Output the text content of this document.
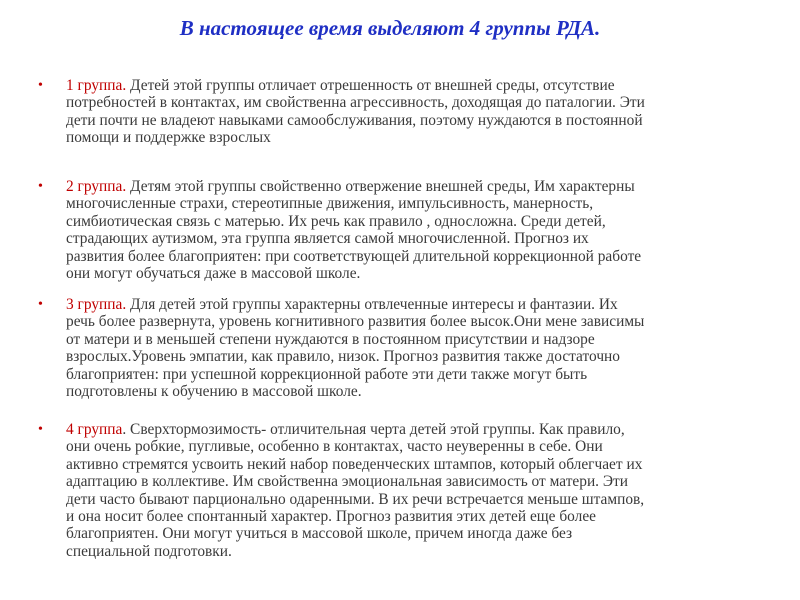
В настоящее время выделяют 4 группы РДА.
• 1 группа. Детей этой группы отличает отрешенность от внешней среды, отсутствие
потребностей в контактах, им свойственна агрессивность, доходящая до паталогии. Эти
дети почти не владеют навыками самообслуживания, поэтому нуждаются в постоянной
помощи и поддержке взрослых
• 2 группа. Детям этой группы свойственно отвержение внешней среды, Им характерны
многочисленные страхи, стереотипные движения, импульсивность, манерность,
симбиотическая связь с матерью. Их речь как правило , односложна. Среди детей,
страдающих аутизмом, эта группа является самой многочисленной. Прогноз их
развития более благоприятен: при соответствующей длительной коррекционной работе
они могут обучаться даже в массовой школе.
• 3 группа. Для детей этой группы характерны отвлеченные интересы и фантазии. Их
речь более развернута, уровень когнитивного развития более высок.Они мене зависимы
от матери и в меньшей степени нуждаются в постоянном присутствии и надзоре
взрослых.Уровень эмпатии, как правило, низок. Прогноз развития также достаточно
благоприятен: при успешной коррекционной работе эти дети также могут быть
подготовлены к обучению в массовой школе.
• 4 группа. Сверхтормозимость- отличительная черта детей этой группы. Как правило,
они очень робкие, пугливые, особенно в контактах, часто неуверенны в себе. Они
активно стремятся усвоить некий набор поведенческих штампов, который облегчает их
адаптацию в коллективе. Им свойственна эмоциональная зависимость от матери. Эти
дети часто бывают парционально одаренными. В их речи встречается меньше штампов,
и она носит более спонтанный характер. Прогноз развития этих детей еще более
благоприятен. Они могут учиться в массовой школе, причем иногда даже без
специальной подготовки.
